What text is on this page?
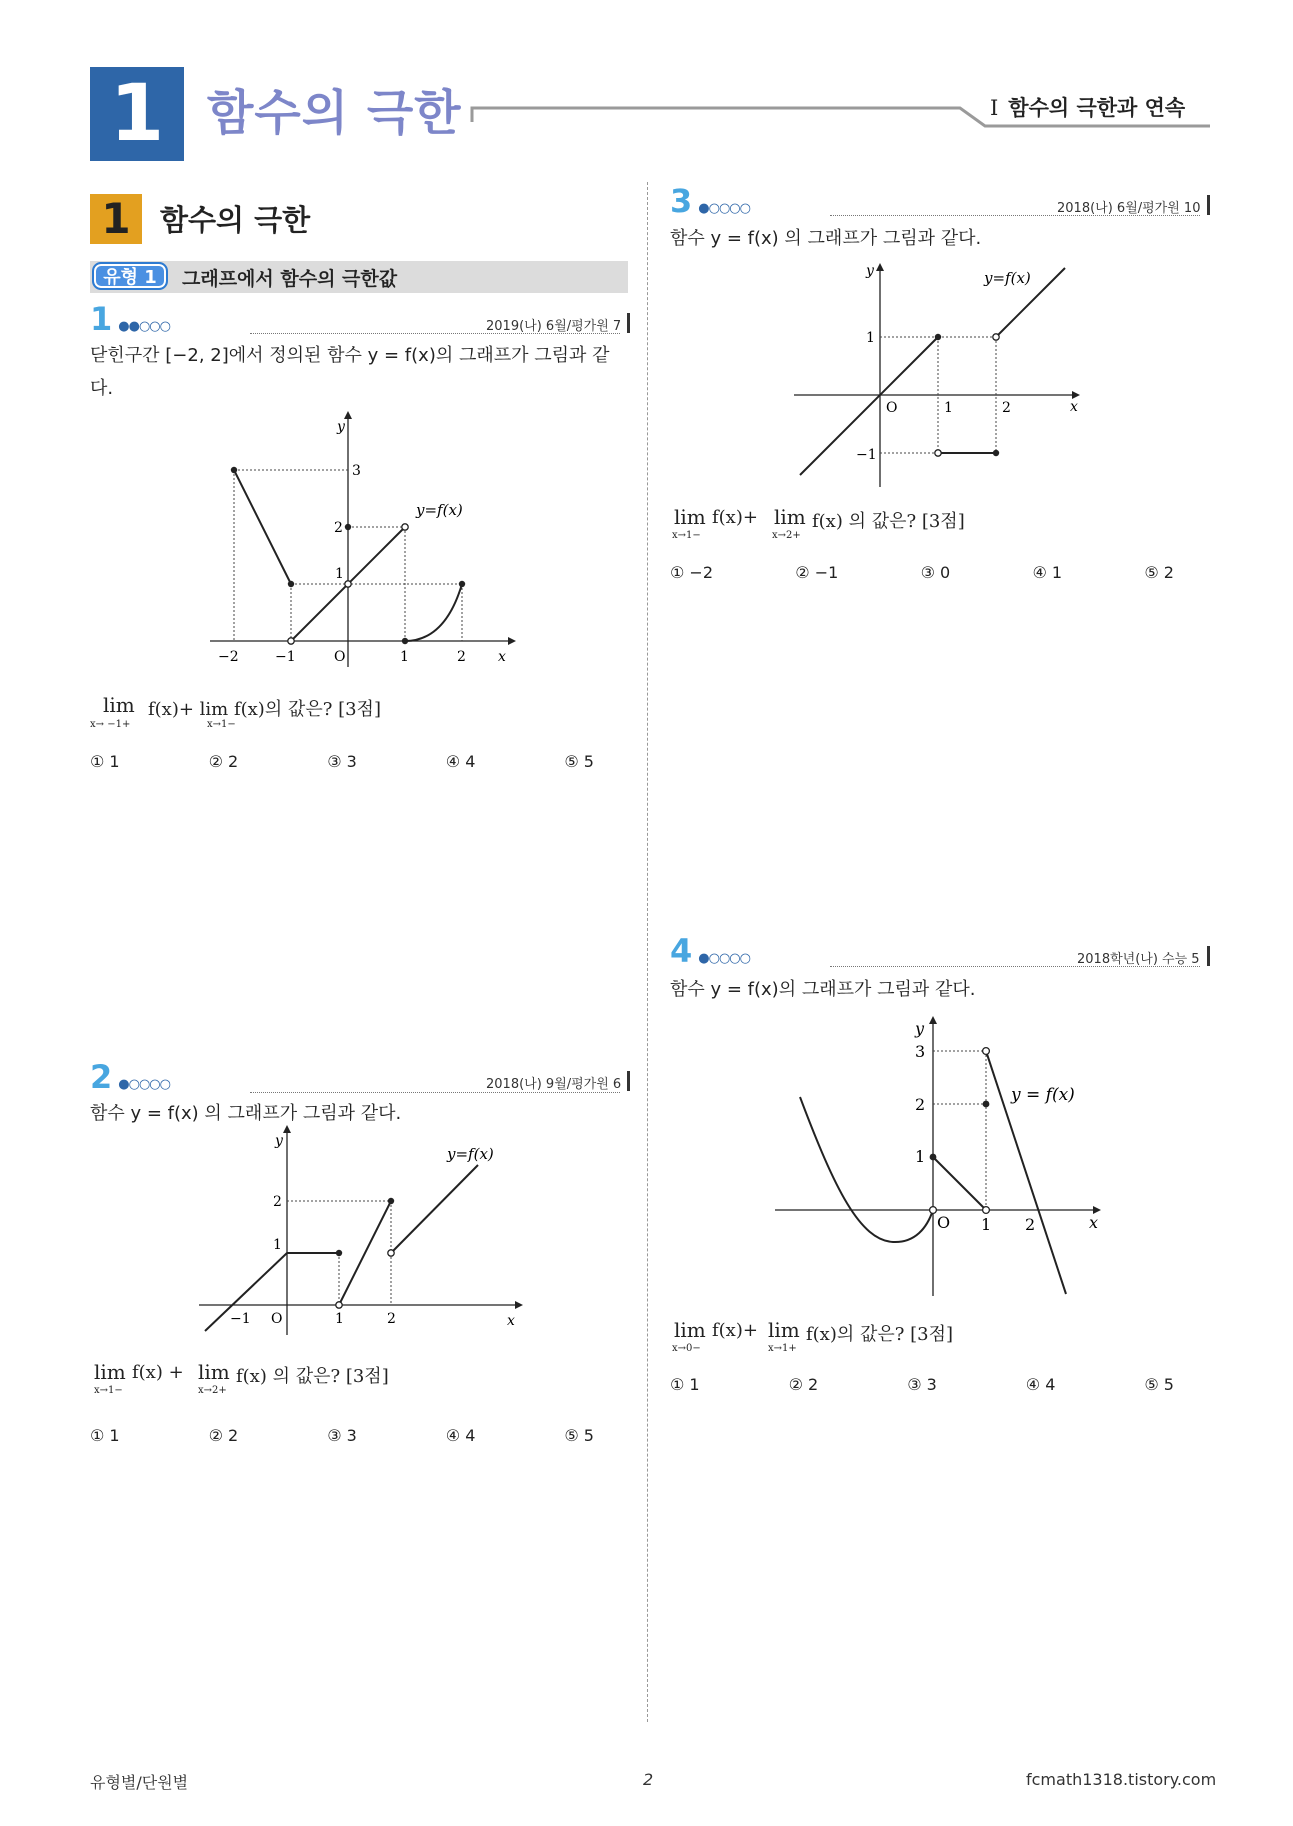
1 함수의 극한	I 함수의 극한과 연속
1	함수의 극한
유형 1	그래프에서 함수의 극한값
1 ●●○○○	2019(나) 6월/평가원 7
닫힌구간 [−2, 2]에서 정의된 함수 y = f(x)의 그래프가 그림과 같
다.
y
x
3
2
1
−2	−1	O	1	2
y=f(x)
lim
x→ −1+
f(x)+ lim f(x)의 값은? [3점]
x→1−
① 1	② 2	③ 3	④ 4	⑤ 5
2 ●○○○○	2018(나) 9월/평가원 6
함수 y = f(x) 의 그래프가 그림과 같다.
y
x
2
1
−1 O	1	2
y=f(x)
lim
x→1−
f(x) + lim
x→2+
f(x) 의 값은? [3점]
① 1	② 2	③ 3	④ 4	⑤ 5
3 ●○○○○	2018(나) 6월/평가원 10
함수 y = f(x) 의 그래프가 그림과 같다.
y
x
1
−1
O	1	2
y=f(x)
lim
x→1−
f(x)+ lim
x→2+
f(x) 의 값은? [3점]
① −2	② −1	③ 0	④ 1	⑤ 2
4 ●○○○○	2018학년(나) 수능 5
함수 y = f(x)의 그래프가 그림과 같다.
y
x
3
2
1
O 1 2
y = f(x)
lim
x→0−
f(x)+ lim
x→1+
f(x)의 값은? [3점]
① 1	② 2	③ 3	④ 4	⑤ 5
유형별/단원별	2	fcmath1318.tistory.com
